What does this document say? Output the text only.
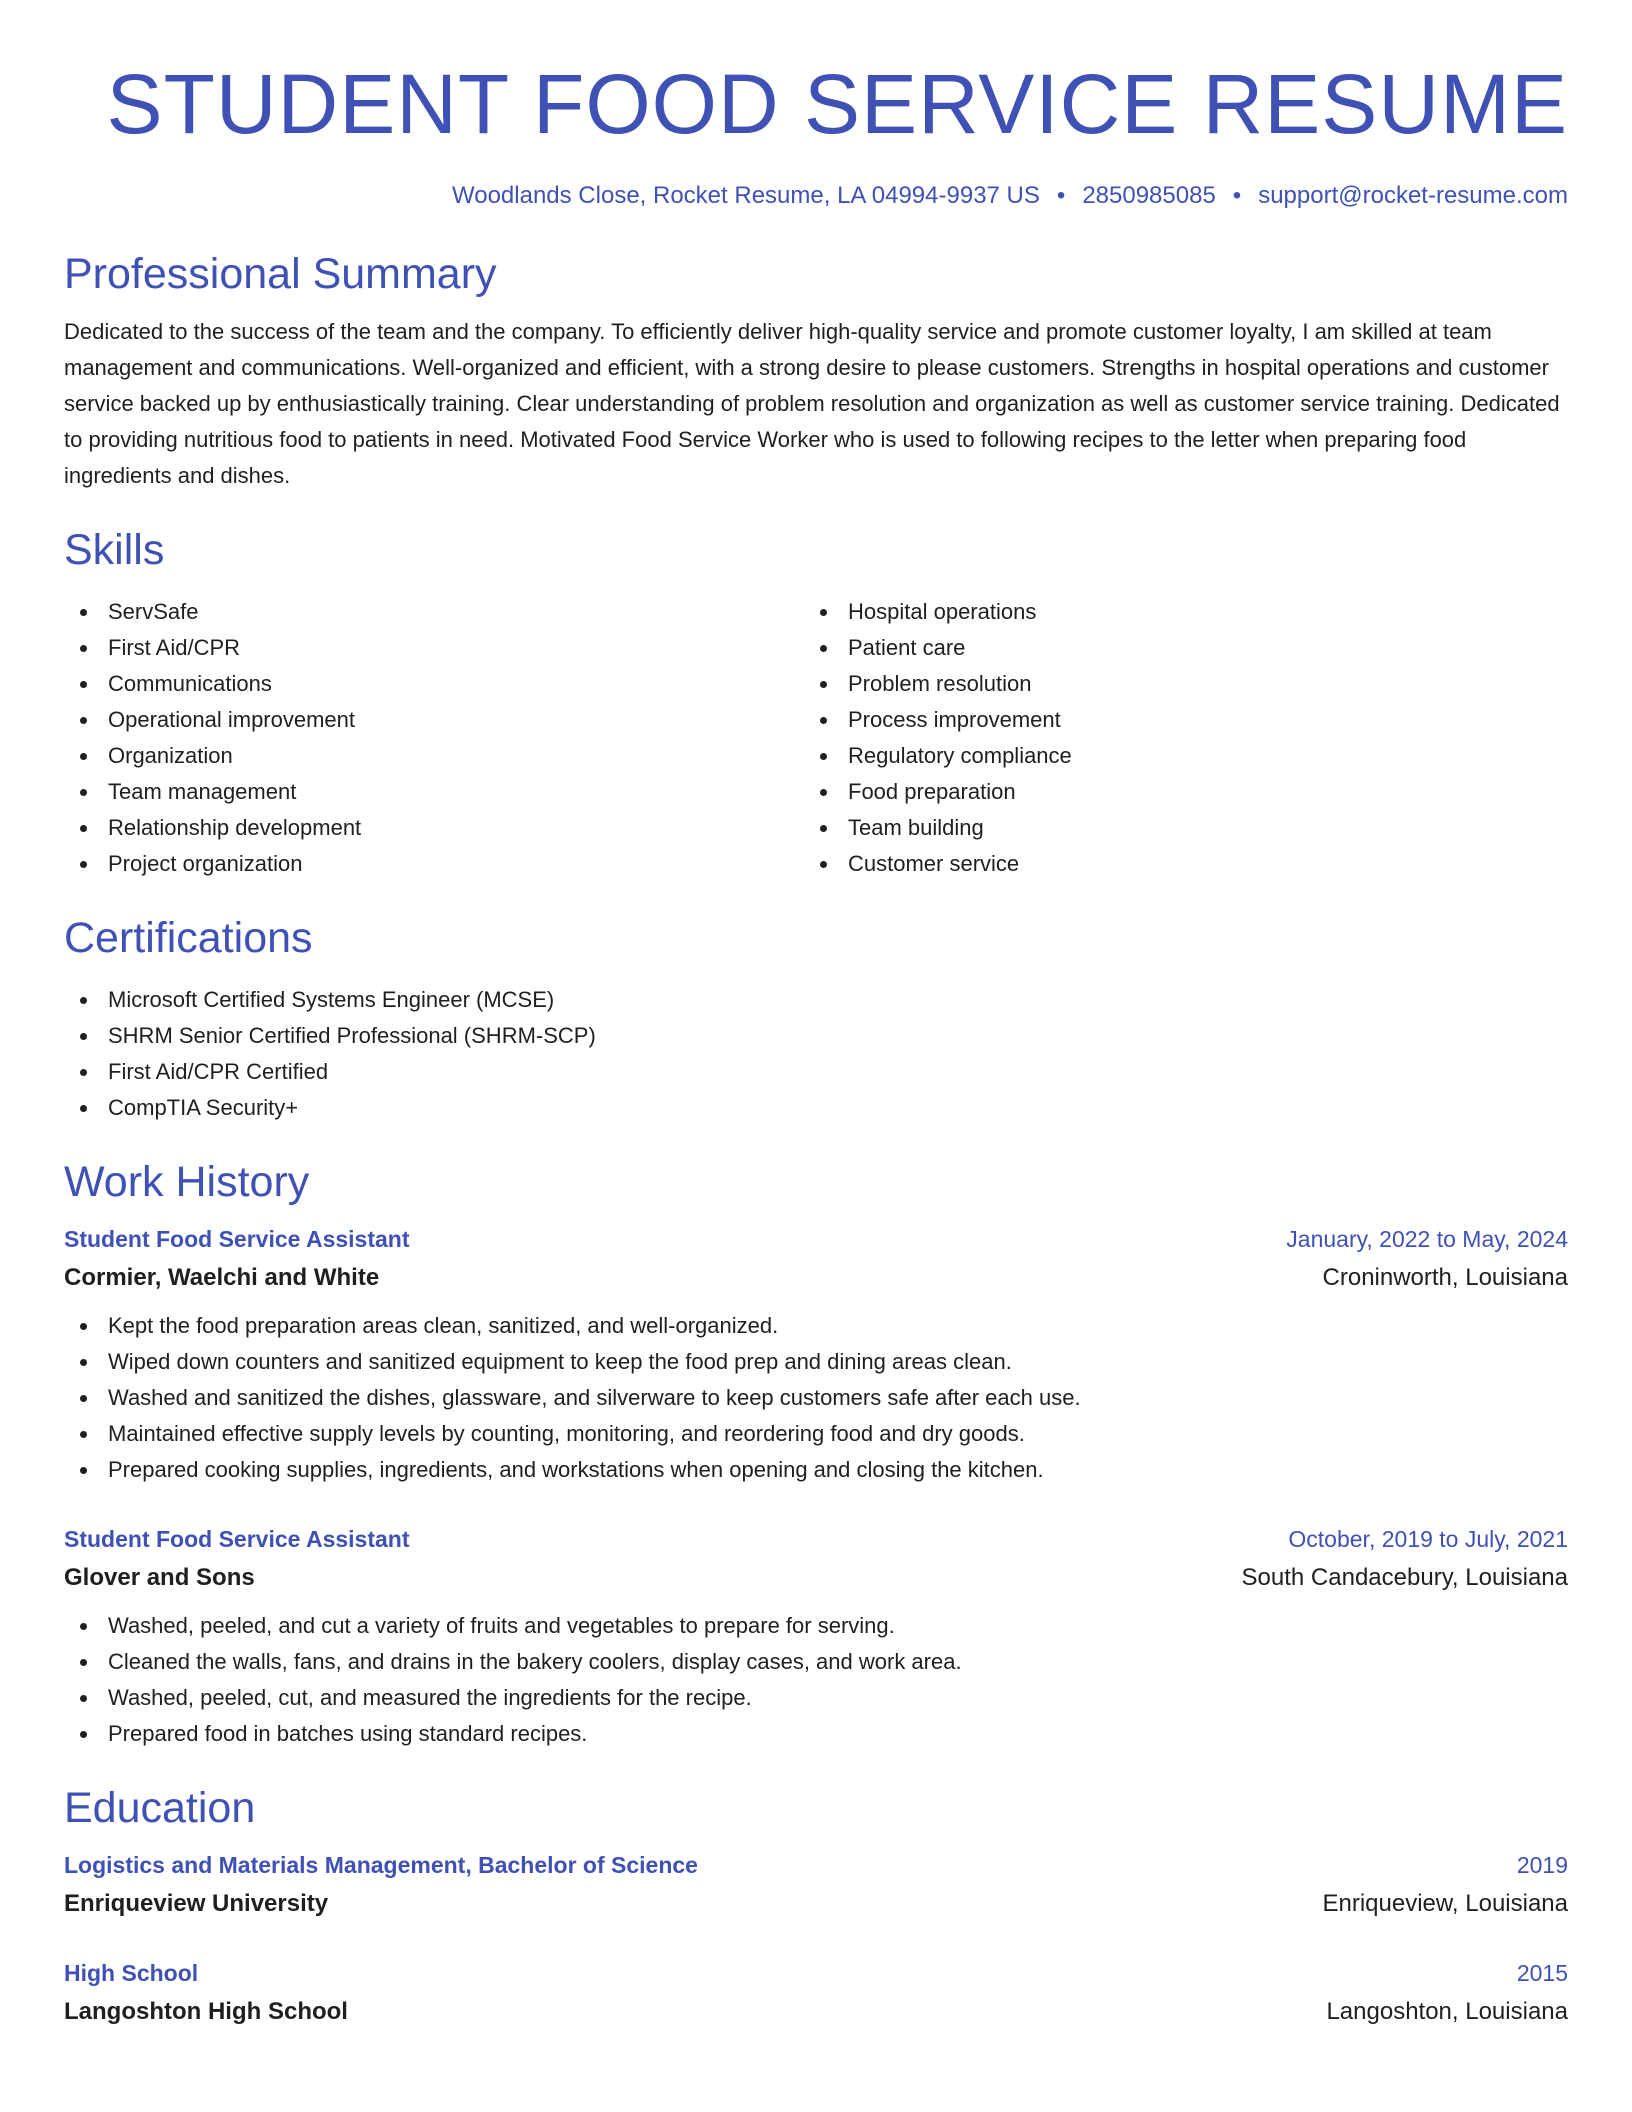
STUDENT FOOD SERVICE RESUME
Woodlands Close, Rocket Resume, LA 04994-9937 US • 2850985085 • support@rocket-resume.com
Professional Summary

Dedicated to the success of the team and the company. To efficiently deliver high-quality service and promote customer loyalty, I am skilled at team management and communications. Well-organized and efficient, with a strong desire to please customers. Strengths in hospital operations and customer service backed up by enthusiastically training. Clear understanding of problem resolution and organization as well as customer service training. Dedicated to providing nutritious food to patients in need. Motivated Food Service Worker who is used to following recipes to the letter when preparing food ingredients and dishes.

Skills
ServSafe
First Aid/CPR
Communications
Operational improvement
Organization
Team management
Relationship development
Project organization
Hospital operations
Patient care
Problem resolution
Process improvement
Regulatory compliance
Food preparation
Team building
Customer service
Certifications
Microsoft Certified Systems Engineer (MCSE)
SHRM Senior Certified Professional (SHRM-SCP)
First Aid/CPR Certified
CompTIA Security+
Work History
Student Food Service Assistant	January, 2022 to May, 2024
Cormier, Waelchi and White	Croninworth, Louisiana
Kept the food preparation areas clean, sanitized, and well-organized.
Wiped down counters and sanitized equipment to keep the food prep and dining areas clean.
Washed and sanitized the dishes, glassware, and silverware to keep customers safe after each use.
Maintained effective supply levels by counting, monitoring, and reordering food and dry goods.
Prepared cooking supplies, ingredients, and workstations when opening and closing the kitchen.
Student Food Service Assistant	October, 2019 to July, 2021
Glover and Sons	South Candacebury, Louisiana
Washed, peeled, and cut a variety of fruits and vegetables to prepare for serving.
Cleaned the walls, fans, and drains in the bakery coolers, display cases, and work area.
Washed, peeled, cut, and measured the ingredients for the recipe.
Prepared food in batches using standard recipes.
Education
Logistics and Materials Management, Bachelor of Science	2019
Enriqueview University	Enriqueview, Louisiana
High School	2015
Langoshton High School	Langoshton, Louisiana
